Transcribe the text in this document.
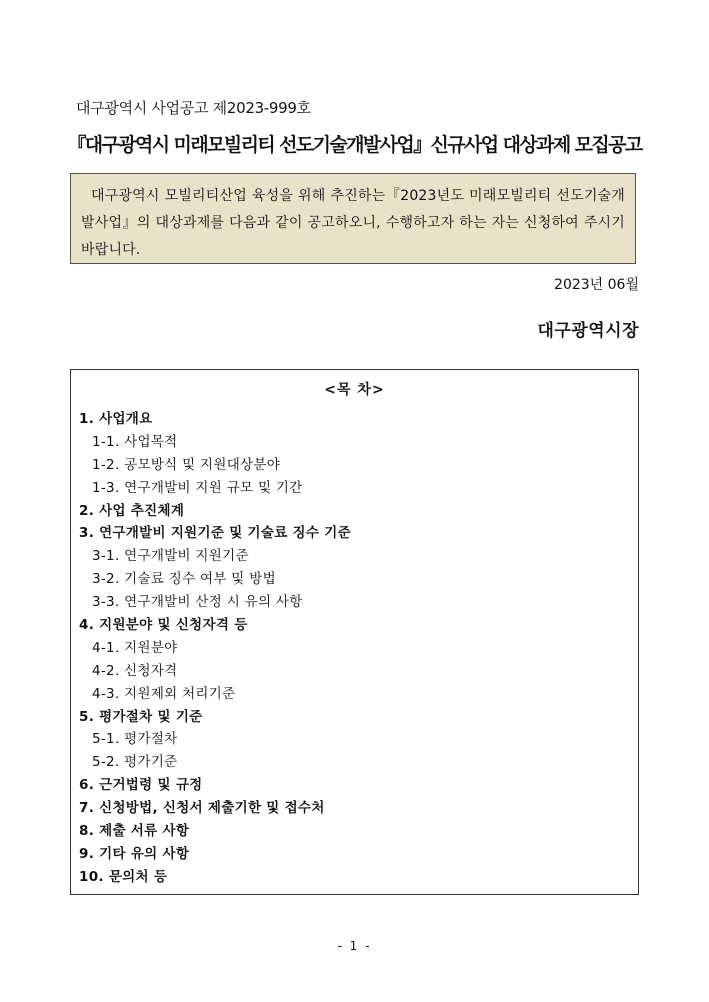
대구광역시 사업공고 제2023-999호
『대구광역시 미래모빌리티 선도기술개발사업』신규사업 대상과제 모집공고
대구광역시 모빌리티산업 육성을 위해 추진하는『2023년도 미래모빌리티 선도기술개발사업』의 대상과제를 다음과 같이 공고하오니, 수행하고자 하는 자는 신청하여 주시기 바랍니다.
2023년 06월
대구광역시장
<목 차>
1. 사업개요
1-1. 사업목적
1-2. 공모방식 및 지원대상분야
1-3. 연구개발비 지원 규모 및 기간
2. 사업 추진체계
3. 연구개발비 지원기준 및 기술료 징수 기준
3-1. 연구개발비 지원기준
3-2. 기술료 징수 여부 및 방법
3-3. 연구개발비 산정 시 유의 사항
4. 지원분야 및 신청자격 등
4-1. 지원분야
4-2. 신청자격
4-3. 지원제외 처리기준
5. 평가절차 및 기준
5-1. 평가절차
5-2. 평가기준
6. 근거법령 및 규정
7. 신청방법, 신청서 제출기한 및 접수처
8. 제출 서류 사항
9. 기타 유의 사항
10. 문의처 등
- 1 -
